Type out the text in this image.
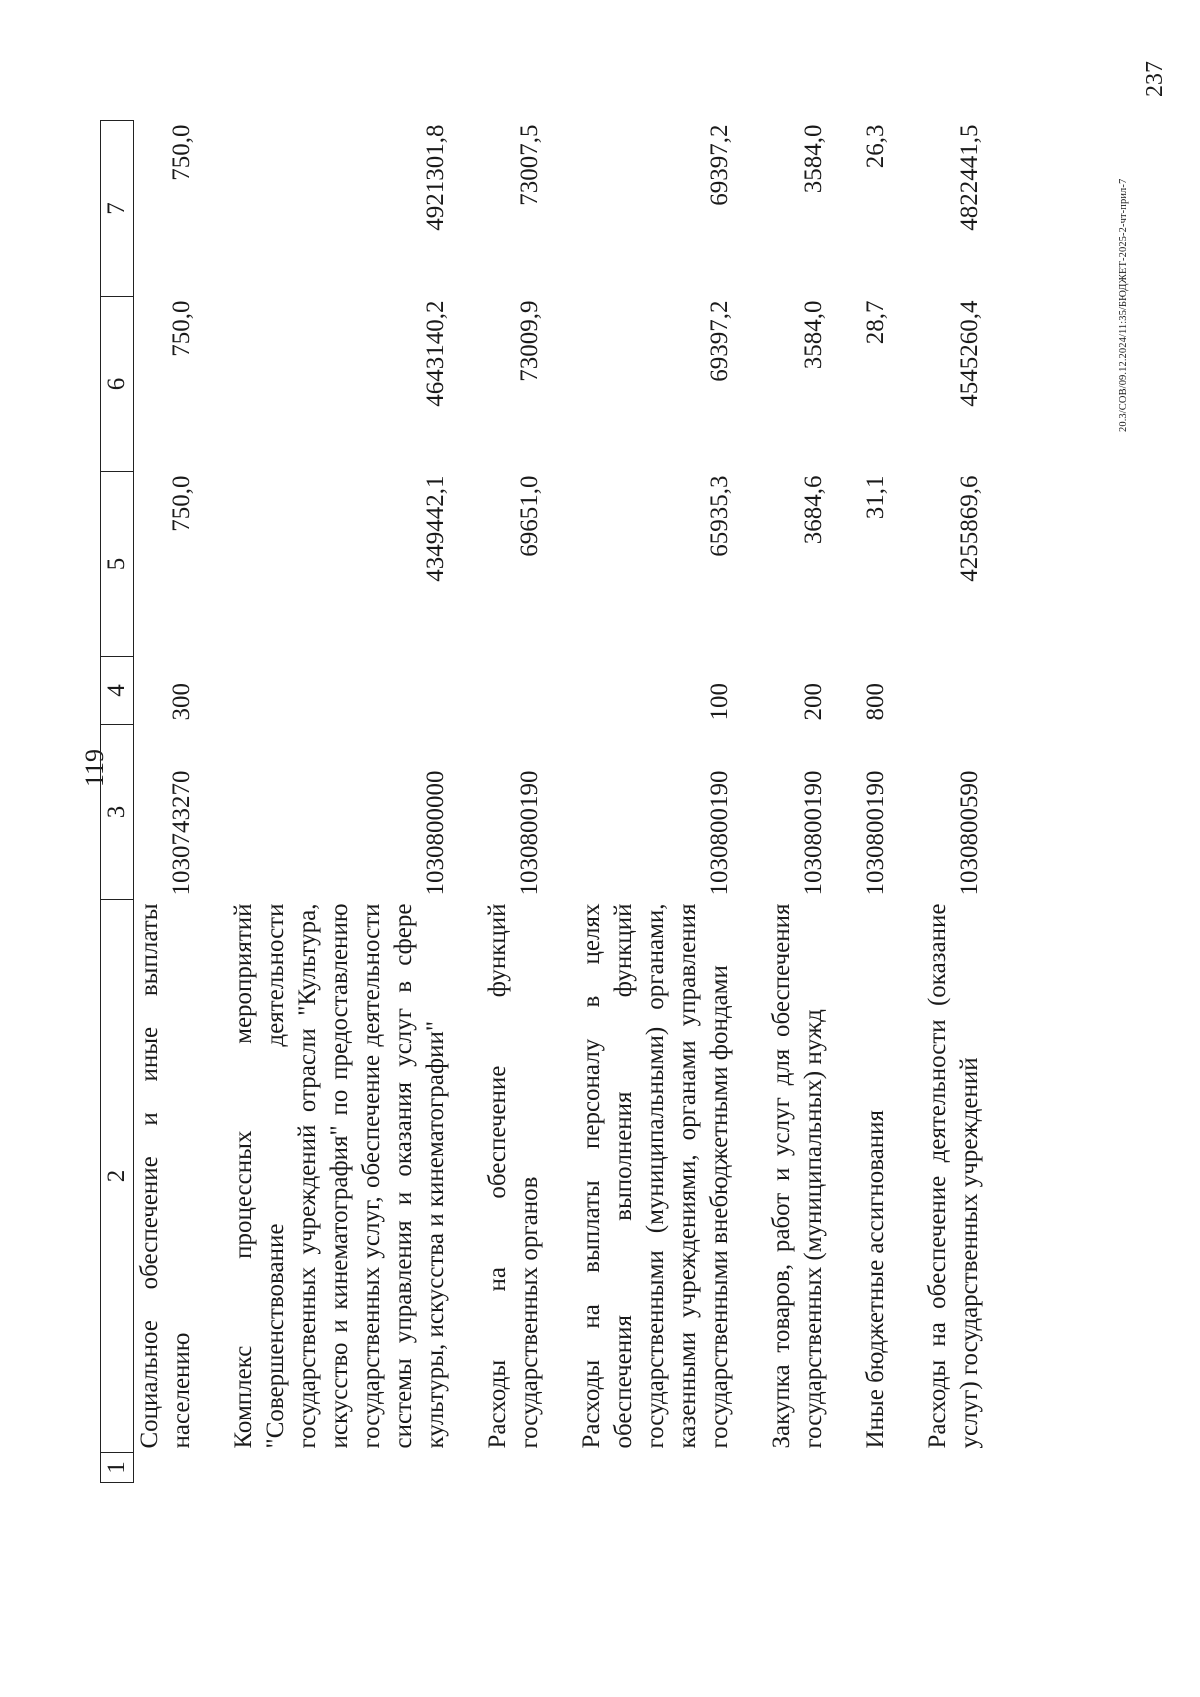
119
1	2	3	4	5	6	7
	Социальное обеспечение и иные выплаты населению	1030743270	300	750,0	750,0	750,0
	Комплекс процессных мероприятий "Совершенствование деятельности государственных учреждений отрасли "Культура, искусство и кинематография" по предоставлению государственных услуг, обеспечение деятельности системы управления и оказания услуг в сфере культуры, искусства и кинематографии"	1030800000		4349442,1	4643140,2	4921301,8
	Расходы на обеспечение функций государственных органов	1030800190		69651,0	73009,9	73007,5
	Расходы на выплаты персоналу в целях обеспечения выполнения функций государственными (муниципальными) органами, казенными учреждениями, органами управления государственными внебюджетными фондами	1030800190	100	65935,3	69397,2	69397,2
	Закупка товаров, работ и услуг для обеспечения государственных (муниципальных) нужд	1030800190	200	3684,6	3584,0	3584,0
	Иные бюджетные ассигнования	1030800190	800	31,1	28,7	26,3
	Расходы на обеспечение деятельности (оказание услуг) государственных учреждений	1030800590		4255869,6	4545260,4	4822441,5
20.3/СОВ/09.12.2024/11:35/БЮДЖЕТ-2025-2-чт-прил-7
237
